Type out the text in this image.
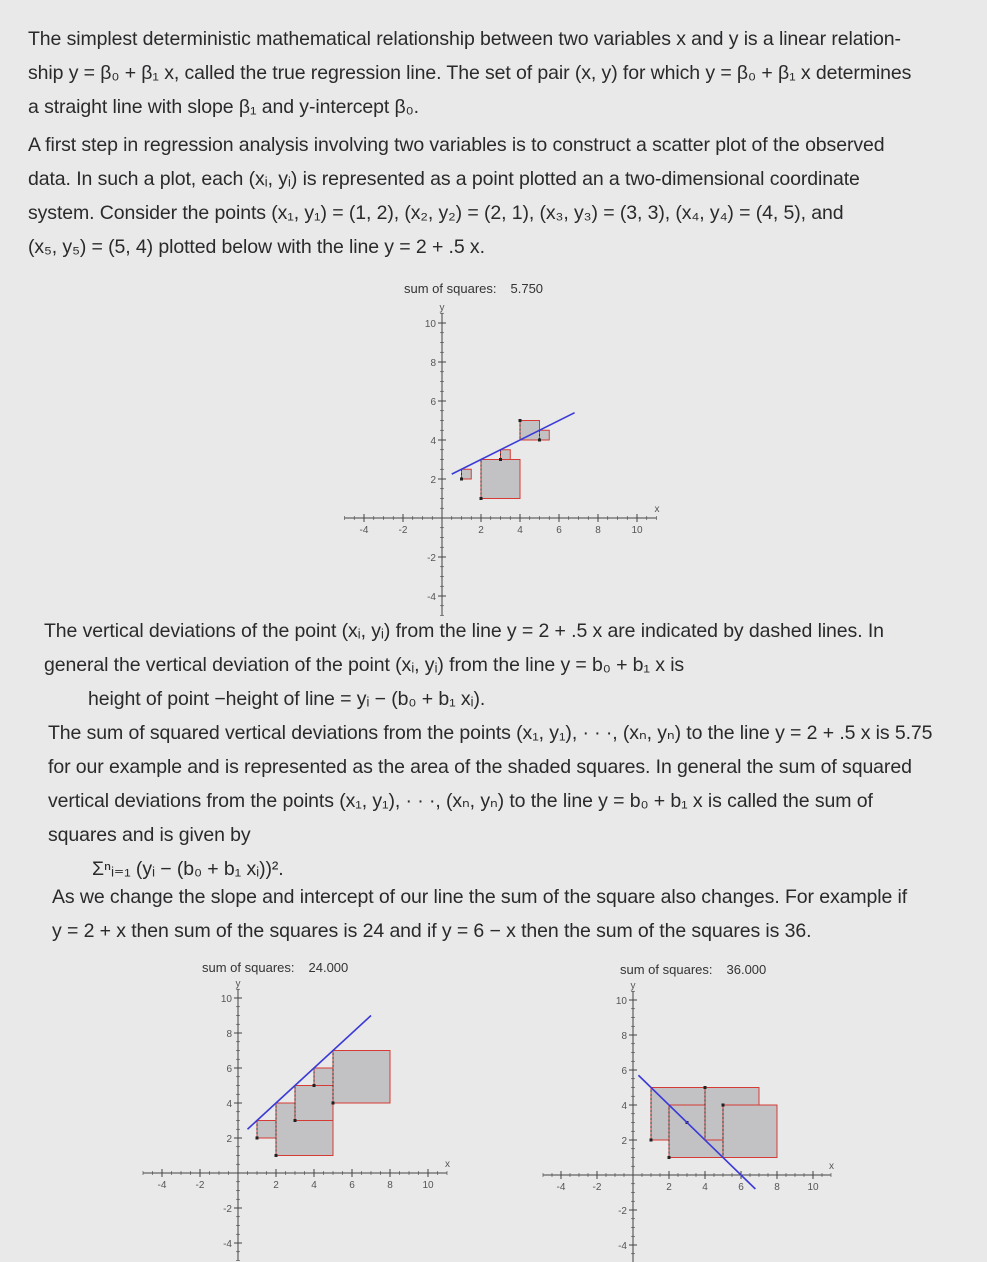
The simplest deterministic mathematical relationship between two variables x and y is a linear relation-
ship y = β₀ + β₁ x, called the true regression line. The set of pair (x, y) for which y = β₀ + β₁ x determines
a straight line with slope β₁ and y-intercept β₀.
A first step in regression analysis involving two variables is to construct a scatter plot of the observed
data. In such a plot, each (xᵢ, yᵢ) is represented as a point plotted an a two-dimensional coordinate
system. Consider the points (x₁, y₁) = (1, 2), (x₂, y₂) = (2, 1), (x₃, y₃) = (3, 3), (x₄, y₄) = (4, 5), and
(x₅, y₅) = (5, 4) plotted below with the line y = 2 + .5 x.
sum of squares: 5.750
-4	-2	2	4	6	8	10
-4
-2
2
4
6
8
10
x
y
The vertical deviations of the point (xᵢ, yᵢ) from the line y = 2 + .5 x are indicated by dashed lines. In
general the vertical deviation of the point (xᵢ, yᵢ) from the line y = b₀ + b₁ x is
height of point −height of line = yᵢ − (b₀ + b₁ xᵢ).
The sum of squared vertical deviations from the points (x₁, y₁), · · ·, (xₙ, yₙ) to the line y = 2 + .5 x is 5.75
for our example and is represented as the area of the shaded squares. In general the sum of squared
vertical deviations from the points (x₁, y₁), · · ·, (xₙ, yₙ) to the line y = b₀ + b₁ x is called the sum of
squares and is given by
Σⁿᵢ₌₁ (yᵢ − (b₀ + b₁ xᵢ))².
As we change the slope and intercept of our line the sum of the square also changes. For example if
y = 2 + x then sum of the squares is 24 and if y = 6 − x then the sum of the squares is 36.
sum of squares: 24.000
-4	-2	2	4	6	8	10
-4
-2
2
4
6
8
10
x
y
sum of squares: 36.000
-4	-2	2	4	6	8	10
-4
-2
2
4
6
8
10
x
y
